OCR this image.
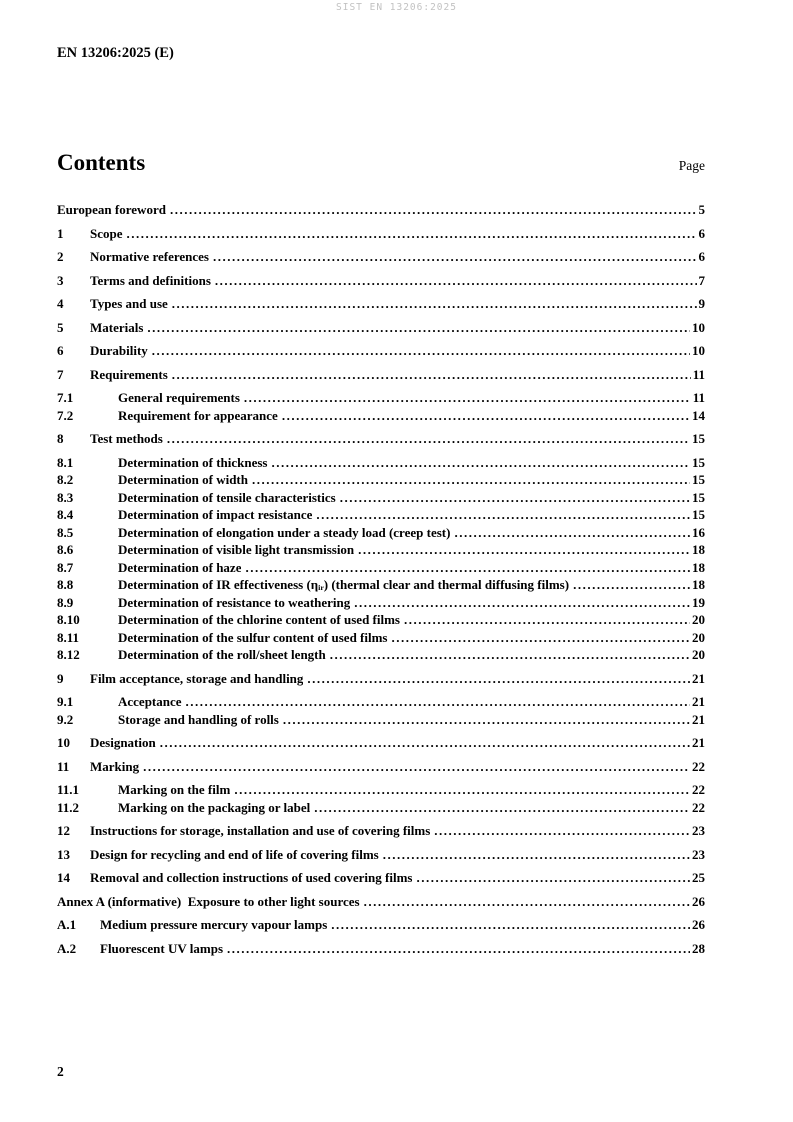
SIST EN 13206:2025
EN 13206:2025 (E)
Contents	Page
European foreword .....	5
1	Scope .....	6
2	Normative references .....	6
3	Terms and definitions .....	7
4	Types and use .....	9
5	Materials .....	10
6	Durability .....	10
7	Requirements .....	11
7.1	General requirements .....	11
7.2	Requirement for appearance .....	14
8	Test methods .....	15
8.1	Determination of thickness .....	15
8.2	Determination of width .....	15
8.3	Determination of tensile characteristics .....	15
8.4	Determination of impact resistance .....	15
8.5	Determination of elongation under a steady load (creep test) .....	16
8.6	Determination of visible light transmission .....	18
8.7	Determination of haze .....	18
8.8	Determination of IR effectiveness (ηᵢᵣ) (thermal clear and thermal diffusing films) .....	18
8.9	Determination of resistance to weathering .....	19
8.10	Determination of the chlorine content of used films .....	20
8.11	Determination of the sulfur content of used films .....	20
8.12	Determination of the roll/sheet length .....	20
9	Film acceptance, storage and handling .....	21
9.1	Acceptance .....	21
9.2	Storage and handling of rolls .....	21
10	Designation .....	21
11	Marking .....	22
11.1	Marking on the film .....	22
11.2	Marking on the packaging or label .....	22
12	Instructions for storage, installation and use of covering films .....	23
13	Design for recycling and end of life of covering films .....	23
14	Removal and collection instructions of used covering films .....	25
Annex A (informative)  Exposure to other light sources .....	26
A.1	Medium pressure mercury vapour lamps .....	26
A.2	Fluorescent UV lamps .....	28
2
